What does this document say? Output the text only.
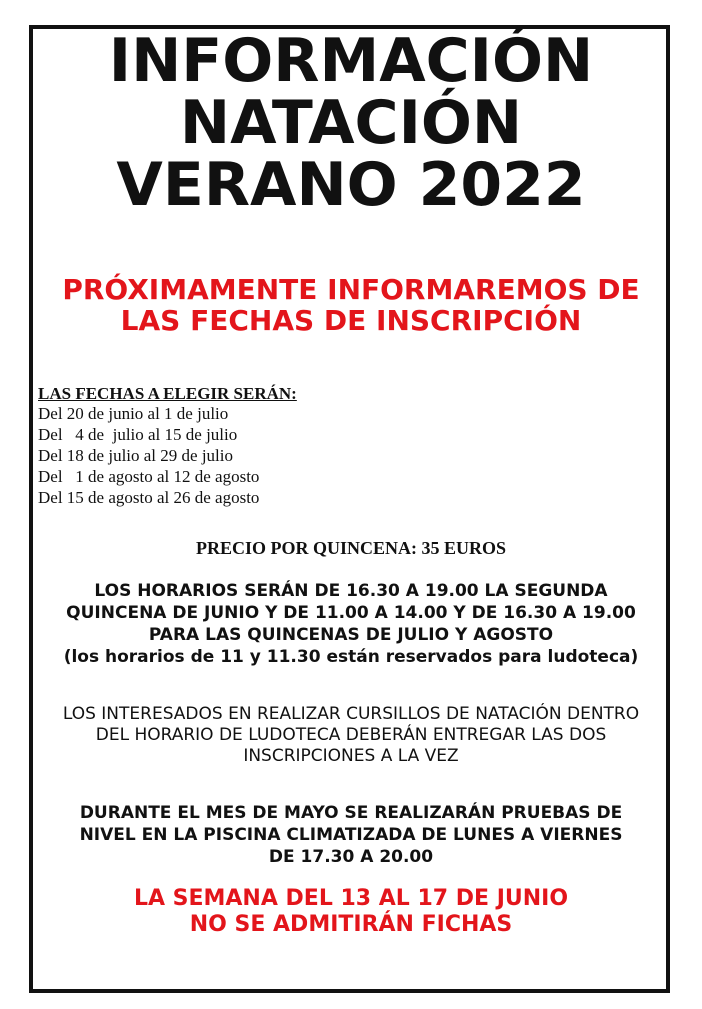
INFORMACIÓN
NATACIÓN
VERANO 2022
PRÓXIMAMENTE INFORMAREMOS DE
LAS FECHAS DE INSCRIPCIÓN
LAS FECHAS A ELEGIR SERÁN:
Del 20 de junio al 1 de julio
Del   4 de  julio al 15 de julio
Del 18 de julio al 29 de julio
Del   1 de agosto al 12 de agosto
Del 15 de agosto al 26 de agosto
PRECIO POR QUINCENA: 35 EUROS
LOS HORARIOS SERÁN DE 16.30 A 19.00 LA SEGUNDA
QUINCENA DE JUNIO Y DE 11.00 A 14.00 Y DE 16.30 A 19.00
PARA LAS QUINCENAS DE JULIO Y AGOSTO
(los horarios de 11 y 11.30 están reservados para ludoteca)
LOS INTERESADOS EN REALIZAR CURSILLOS DE NATACIÓN DENTRO
DEL HORARIO DE LUDOTECA DEBERÁN ENTREGAR LAS DOS
INSCRIPCIONES A LA VEZ
DURANTE EL MES DE MAYO SE REALIZARÁN PRUEBAS DE
NIVEL EN LA PISCINA CLIMATIZADA DE LUNES A VIERNES
DE 17.30 A 20.00
LA SEMANA DEL 13 AL 17 DE JUNIO
NO SE ADMITIRÁN FICHAS
